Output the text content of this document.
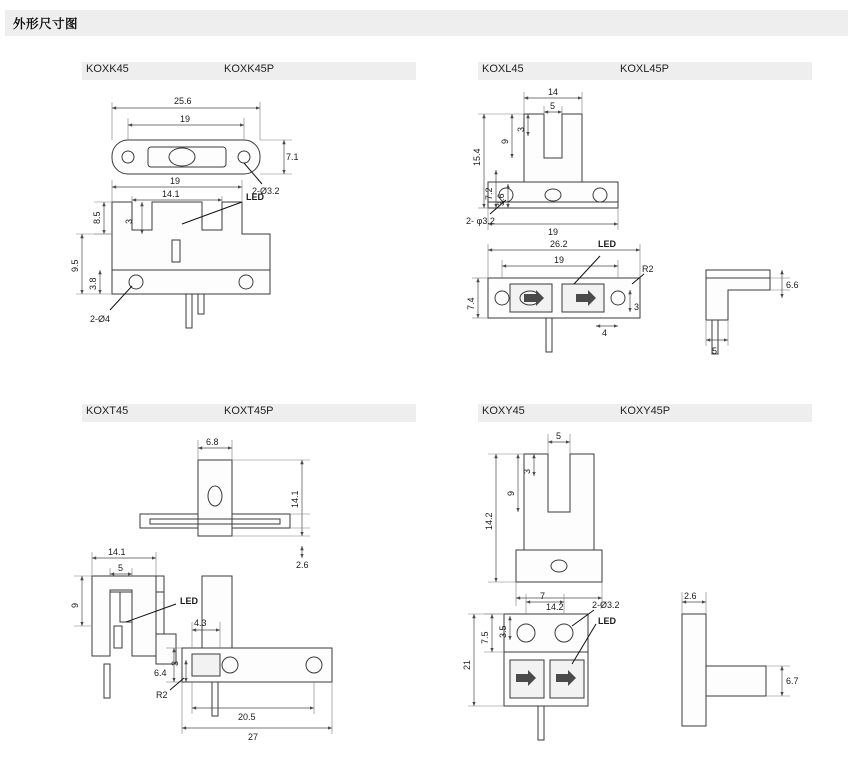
外形尺寸图
KOXK45	KOXK45P	KOXL45	KOXL45P
KOXT45	KOXT45P	KOXY45	KOXY45P
25.6
19
7.1
2-Ø3.2
LED
19
14.1
3
8.5
9.5
3.8
2-Ø4
14
5
15.4
9
3
7.2 3.6
19
2- φ3.2
26.2
19
LED
7.4
R2
3
4
6.6
5
6.8
14.1
2.6
14.1
5
9	LED
4.3
6.4
3
R2
20.5
27
5
3
9
14.2
14.2
7
2-Ø3.2
LED
7.5 3.5
21
2.6
6.7
